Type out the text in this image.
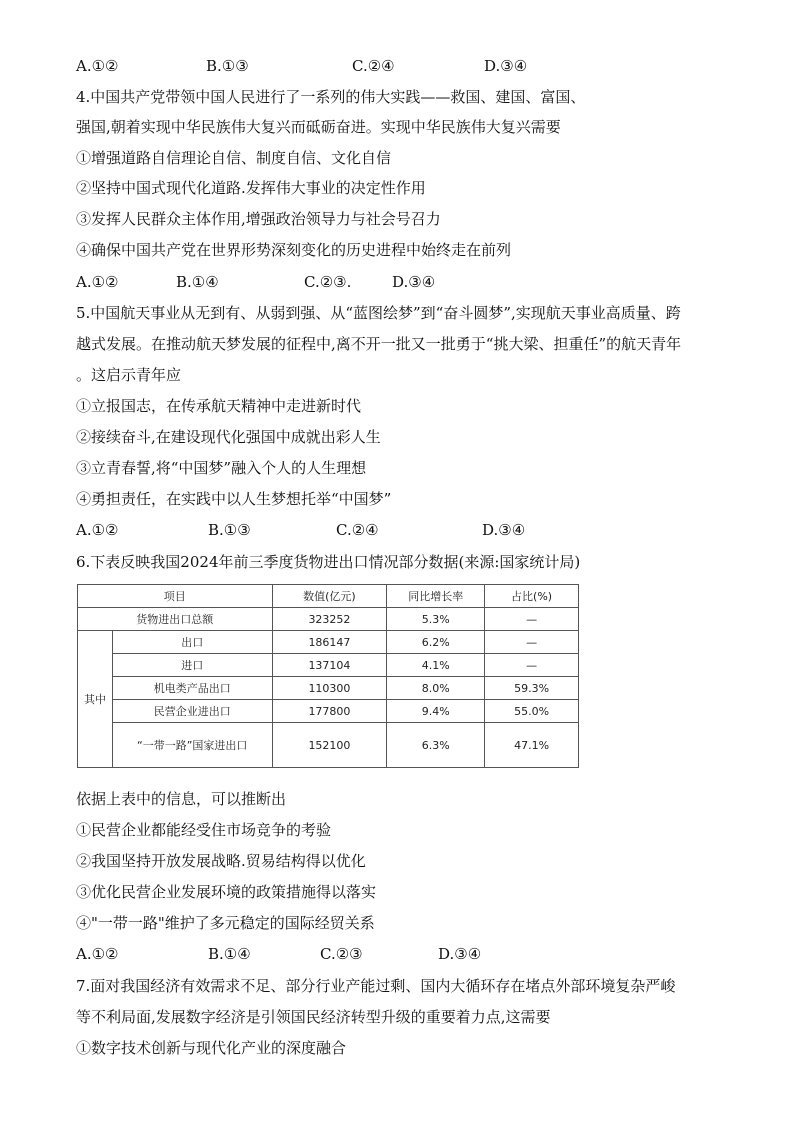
A.①②	B.①③	C.②④	D.③④
4.中国共产党带领中国人民进行了一系列的伟大实践——救国、建国、富国、
强国,朝着实现中华民族伟大复兴而砥砺奋进。实现中华民族伟大复兴需要
①增强道路自信理论自信、制度自信、文化自信
②坚持中国式现代化道路.发挥伟大事业的决定性作用
③发挥人民群众主体作用,增强政治领导力与社会号召力
④确保中国共产党在世界形势深刻变化的历史进程中始终走在前列
A.①②	B.①④	C.②③.	D.③④
5.中国航天事业从无到有、从弱到强、从“蓝图绘梦”到“奋斗圆梦”,实现航天事业高质量、跨
越式发展。在推动航天梦发展的征程中,离不开一批又一批勇于“挑大梁、担重任”的航天青年
。这启示青年应
①立报国志，在传承航天精神中走进新时代
②接续奋斗,在建设现代化强国中成就出彩人生
③立青春誓,将“中国梦”融入个人的人生理想
④勇担责任，在实践中以人生梦想托举“中国梦”
A.①②	B.①③	C.②④	D.③④
6.下表反映我国2024年前三季度货物进出口情况部分数据(来源:国家统计局)
项目		数值(亿元)	同比增长率	占比(%)
货物进出口总额		323252	5.3%	—
其中	出口	186147	6.2%	—
	进口	137104	4.1%	—
	机电类产品出口	110300	8.0%	59.3%
	民营企业进出口	177800	9.4%	55.0%
	“一带一路”国家进出口	152100	6.3%	47.1%
依据上表中的信息，可以推断出
①民营企业都能经受住市场竞争的考验
②我国坚持开放发展战略.贸易结构得以优化
③优化民营企业发展环境的政策措施得以落实
④"一带一路"维护了多元稳定的国际经贸关系
A.①②	B.①④	C.②③	D.③④
7.面对我国经济有效需求不足、部分行业产能过剩、国内大循环存在堵点外部环境复杂严峻
等不利局面,发展数字经济是引领国民经济转型升级的重要着力点,这需要
①数字技术创新与现代化产业的深度融合
